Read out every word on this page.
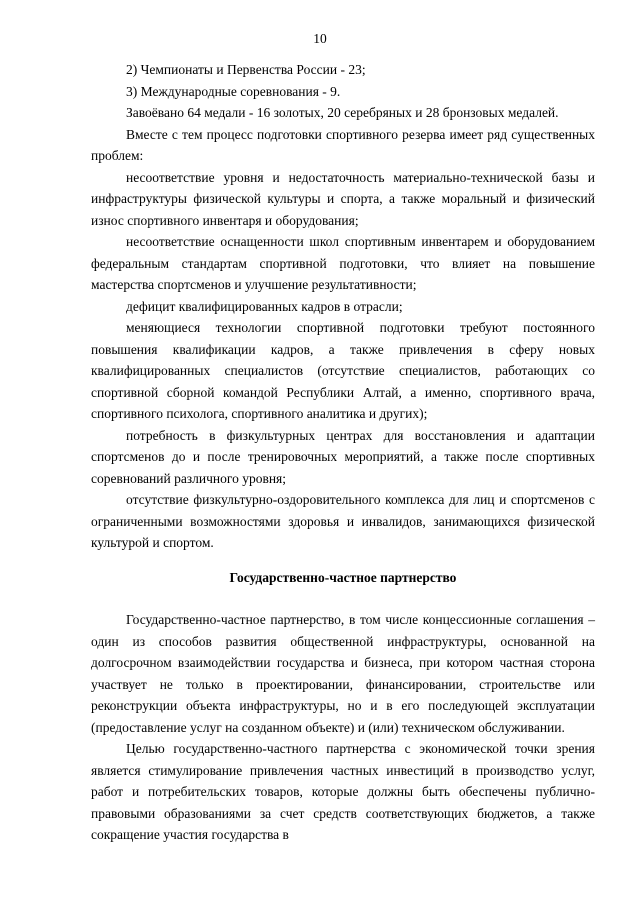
10

2) Чемпионаты и Первенства России - 23;

3) Международные соревнования - 9.

Завоёвано 64 медали - 16 золотых, 20 серебряных и 28 бронзовых медалей.

Вместе с тем процесс подготовки спортивного резерва имеет ряд существенных проблем:

несоответствие уровня и недостаточность материально-технической базы и инфраструктуры физической культуры и спорта, а также моральный и физический износ спортивного инвентаря и оборудования;

несоответствие оснащенности школ спортивным инвентарем и оборудованием федеральным стандартам спортивной подготовки, что влияет на повышение мастерства спортсменов и улучшение результативности;

дефицит квалифицированных кадров в отрасли;

меняющиеся технологии спортивной подготовки требуют постоянного повышения квалификации кадров, а также привлечения в сферу новых квалифицированных специалистов (отсутствие специалистов, работающих со спортивной сборной командой Республики Алтай, а именно, спортивного врача, спортивного психолога, спортивного аналитика и других);

потребность в физкультурных центрах для восстановления и адаптации спортсменов до и после тренировочных мероприятий, а также после спортивных соревнований различного уровня;

отсутствие физкультурно-оздоровительного комплекса для лиц и спортсменов с ограниченными возможностями здоровья и инвалидов, занимающихся физической культурой и спортом.

Государственно-частное партнерство

Государственно-частное партнерство, в том числе концессионные соглашения – один из способов развития общественной инфраструктуры, основанной на долгосрочном взаимодействии государства и бизнеса, при котором частная сторона участвует не только в проектировании, финансировании, строительстве или реконструкции объекта инфраструктуры, но и в его последующей эксплуатации (предоставление услуг на созданном объекте) и (или) техническом обслуживании.

Целью государственно-частного партнерства с экономической точки зрения является стимулирование привлечения частных инвестиций в производство услуг, работ и потребительских товаров, которые должны быть обеспечены публично-правовыми образованиями за счет средств соответствующих бюджетов, а также сокращение участия государства в
